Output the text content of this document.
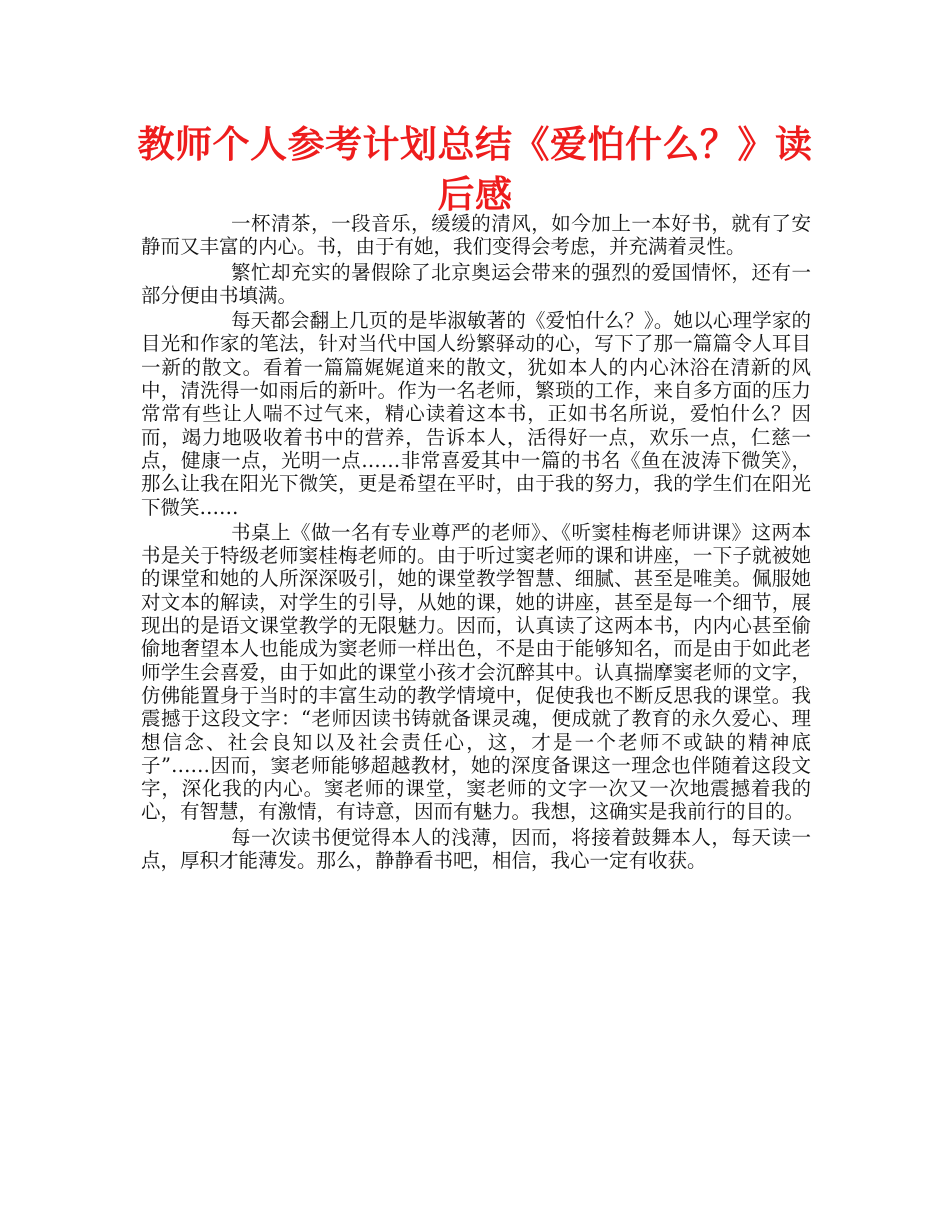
教师个人参考计划总结《爱怕什么？》读后感

一杯清茶，一段音乐，缓缓的清风，如今加上一本好书，就有了安静而又丰富的内心。书，由于有她，我们变得会考虑，并充满着灵性。

繁忙却充实的暑假除了北京奥运会带来的强烈的爱国情怀，还有一部分便由书填满。

每天都会翻上几页的是毕淑敏著的《爱怕什么？》。她以心理学家的目光和作家的笔法，针对当代中国人纷繁驿动的心，写下了那一篇篇令人耳目一新的散文。看着一篇篇娓娓道来的散文，犹如本人的内心沐浴在清新的风中，清洗得一如雨后的新叶。作为一名老师，繁琐的工作，来自多方面的压力常常有些让人喘不过气来，精心读着这本书，正如书名所说，爱怕什么？因而，竭力地吸收着书中的营养，告诉本人，活得好一点，欢乐一点，仁慈一点，健康一点，光明一点……非常喜爱其中一篇的书名《鱼在波涛下微笑》，那么让我在阳光下微笑，更是希望在平时，由于我的努力，我的学生们在阳光下微笑……

书桌上《做一名有专业尊严的老师》、《听窦桂梅老师讲课》这两本书是关于特级老师窦桂梅老师的。由于听过窦老师的课和讲座，一下子就被她的课堂和她的人所深深吸引，她的课堂教学智慧、细腻、甚至是唯美。佩服她对文本的解读，对学生的引导，从她的课，她的讲座，甚至是每一个细节，展现出的是语文课堂教学的无限魅力。因而，认真读了这两本书，内内心甚至偷偷地奢望本人也能成为窦老师一样出色，不是由于能够知名，而是由于如此老师学生会喜爱，由于如此的课堂小孩才会沉醉其中。认真揣摩窦老师的文字，仿佛能置身于当时的丰富生动的教学情境中，促使我也不断反思我的课堂。我震撼于这段文字：“老师因读书铸就备课灵魂，便成就了教育的永久爱心、理想信念、社会良知以及社会责任心，这，才是一个老师不或缺的精神底子”……因而，窦老师能够超越教材，她的深度备课这一理念也伴随着这段文字，深化我的内心。窦老师的课堂，窦老师的文字一次又一次地震撼着我的心，有智慧，有激情，有诗意，因而有魅力。我想，这确实是我前行的目的。

每一次读书便觉得本人的浅薄，因而，将接着鼓舞本人，每天读一点，厚积才能薄发。那么，静静看书吧，相信，我心一定有收获。
